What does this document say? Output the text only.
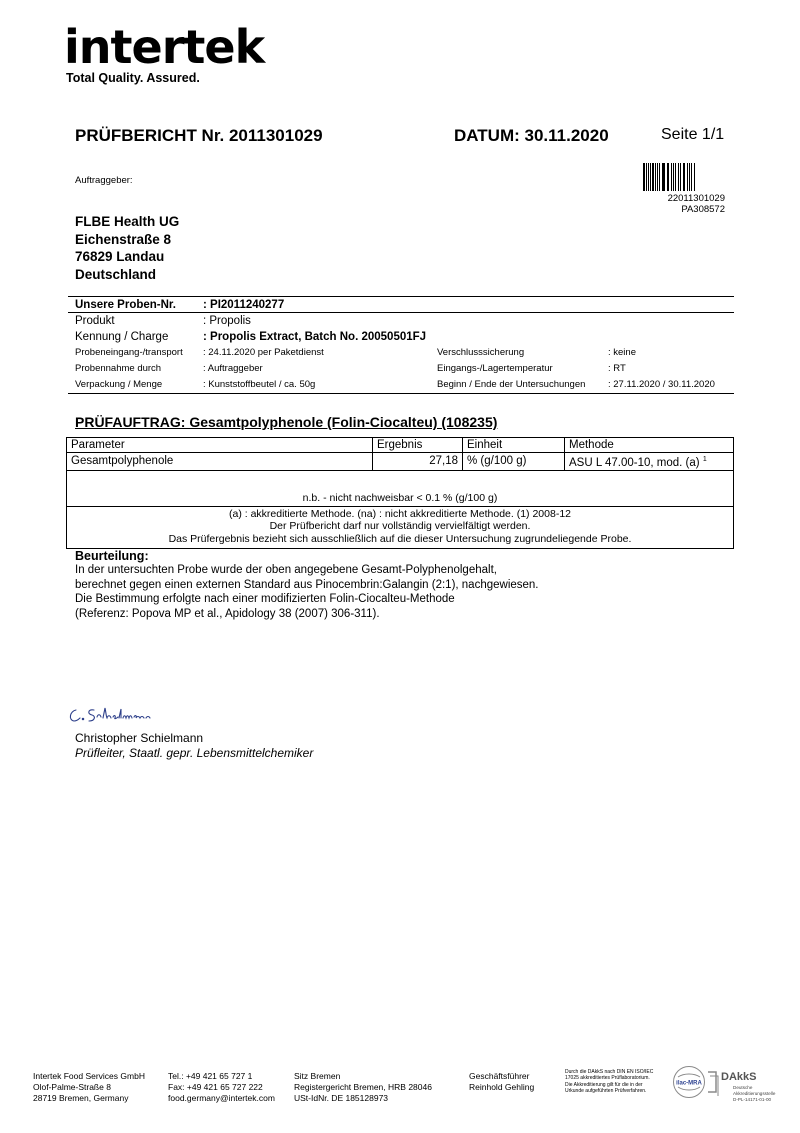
intertek
Total Quality. Assured.
PRÜFBERICHT Nr. 2011301029	DATUM: 30.11.2020	Seite 1/1
Auftraggeber:
22011301029
PA308572
FLBE Health UG
Eichenstraße 8
76829 Landau
Deutschland
Unsere Proben-Nr. : PI2011240277
Produkt	: Propolis
Kennung / Charge	: Propolis Extract, Batch No. 20050501FJ
Probeneingang-/transport : 24.11.2020 per Paketdienst	Verschlusssicherung	: keine
Probennahme durch	: Auftraggeber	Eingangs-/Lagertemperatur	: RT
Verpackung / Menge	: Kunststoffbeutel / ca. 50g	Beginn / Ende der Untersuchungen : 27.11.2020 / 30.11.2020
PRÜFAUFTRAG: Gesamtpolyphenole (Folin-Ciocalteu) (108235)
Parameter	Ergebnis	Einheit	Methode
Gesamtpolyphenole	27,18	% (g/100 g)	ASU L 47.00-10, mod. (a) $^1$
n.b. - nicht nachweisbar < 0.1 % (g/100 g)			

(a) : akkreditierte Methode. (na) : nicht akkreditierte Methode. (1) 2008-12
Der Prüfbericht darf nur vollständig vervielfältigt werden.
Das Prüfergebnis bezieht sich ausschließlich auf die dieser Untersuchung zugrundeliegende Probe.			
Beurteilung:
In der untersuchten Probe wurde der oben angegebene Gesamt-Polyphenolgehalt,
berechnet gegen einen externen Standard aus Pinocembrin:Galangin (2:1), nachgewiesen.
Die Bestimmung erfolgte nach einer modifizierten Folin-Ciocalteu-Methode
(Referenz: Popova MP et al., Apidology 38 (2007) 306-311).
Christopher Schielmann
Prüfleiter, Staatl. gepr. Lebensmittelchemiker
Intertek Food Services GmbH
Olof-Palme-Straße 8
28719 Bremen, Germany
Tel.: +49 421 65 727 1
Fax: +49 421 65 727 222
food.germany@intertek.com
Sitz Bremen
Registergericht Bremen, HRB 28046
USt-IdNr. DE 185128973
Geschäftsführer
Reinhold Gehling
Durch die DAkkS nach DIN EN ISO/IEC
17025 akkreditiertes Prüflaboratorium.
Die Akkreditierung gilt für die in der
Urkunde aufgeführten Prüfverfahren.
ilac-MRA
DAkkS
Deutsche
Akkreditierungsstelle
D-PL-14171-01-00
